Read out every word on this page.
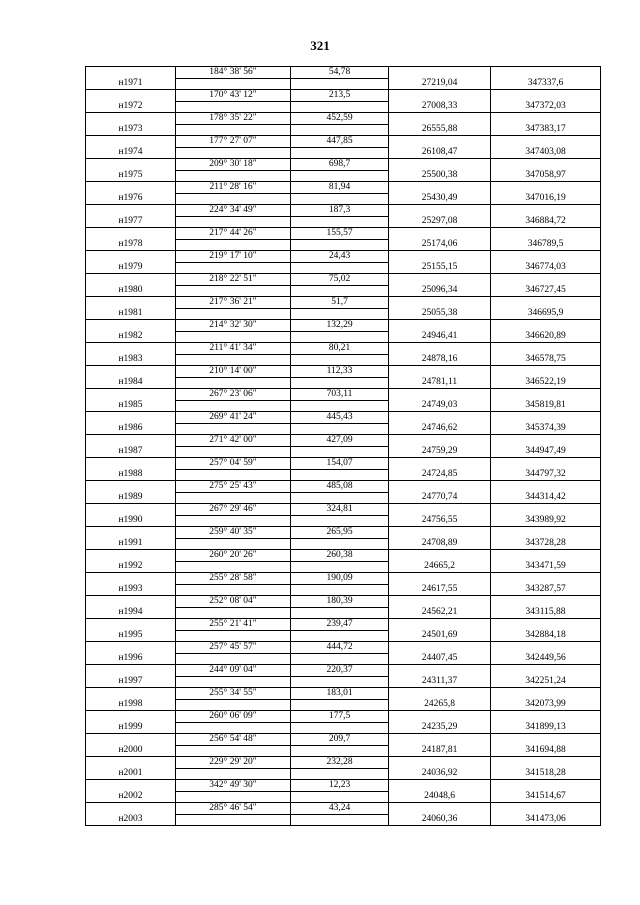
321
	184° 38' 56"	54,78		
н1971			27219,04	347337,6
	170° 43' 12"	213,5		
н1972			27008,33	347372,03
	178° 35' 22"	452,59		
н1973			26555,88	347383,17
	177° 27' 07"	447,85		
н1974			26108,47	347403,08
	209° 30' 18"	698,7		
н1975			25500,38	347058,97
	211° 28' 16"	81,94		
н1976			25430,49	347016,19
	224° 34' 49"	187,3		
н1977			25297,08	346884,72
	217° 44' 26"	155,57		
н1978			25174,06	346789,5
	219° 17' 10"	24,43		
н1979			25155,15	346774,03
	218° 22' 51"	75,02		
н1980			25096,34	346727,45
	217° 36' 21"	51,7		
н1981			25055,38	346695,9
	214° 32' 30"	132,29		
н1982			24946,41	346620,89
	211° 41' 34"	80,21		
н1983			24878,16	346578,75
	210° 14' 00"	112,33		
н1984			24781,11	346522,19
	267° 23' 06"	703,11		
н1985			24749,03	345819,81
	269° 41' 24"	445,43		
н1986			24746,62	345374,39
	271° 42' 00"	427,09		
н1987			24759,29	344947,49
	257° 04' 59"	154,07		
н1988			24724,85	344797,32
	275° 25' 43"	485,08		
н1989			24770,74	344314,42
	267° 29' 46"	324,81		
н1990			24756,55	343989,92
	259° 40' 35"	265,95		
н1991			24708,89	343728,28
	260° 20' 26"	260,38		
н1992			24665,2	343471,59
	255° 28' 58"	190,09		
н1993			24617,55	343287,57
	252° 08' 04"	180,39		
н1994			24562,21	343115,88
	255° 21' 41"	239,47		
н1995			24501,69	342884,18
	257° 45' 57"	444,72		
н1996			24407,45	342449,56
	244° 09' 04"	220,37		
н1997			24311,37	342251,24
	255° 34' 55"	183,01		
н1998			24265,8	342073,99
	260° 06' 09"	177,5		
н1999			24235,29	341899,13
	256° 54' 48"	209,7		
н2000			24187,81	341694,88
	229° 29' 20"	232,28		
н2001			24036,92	341518,28
	342° 49' 30"	12,23		
н2002			24048,6	341514,67
	285° 46' 54"	43,24		
н2003			24060,36	341473,06
